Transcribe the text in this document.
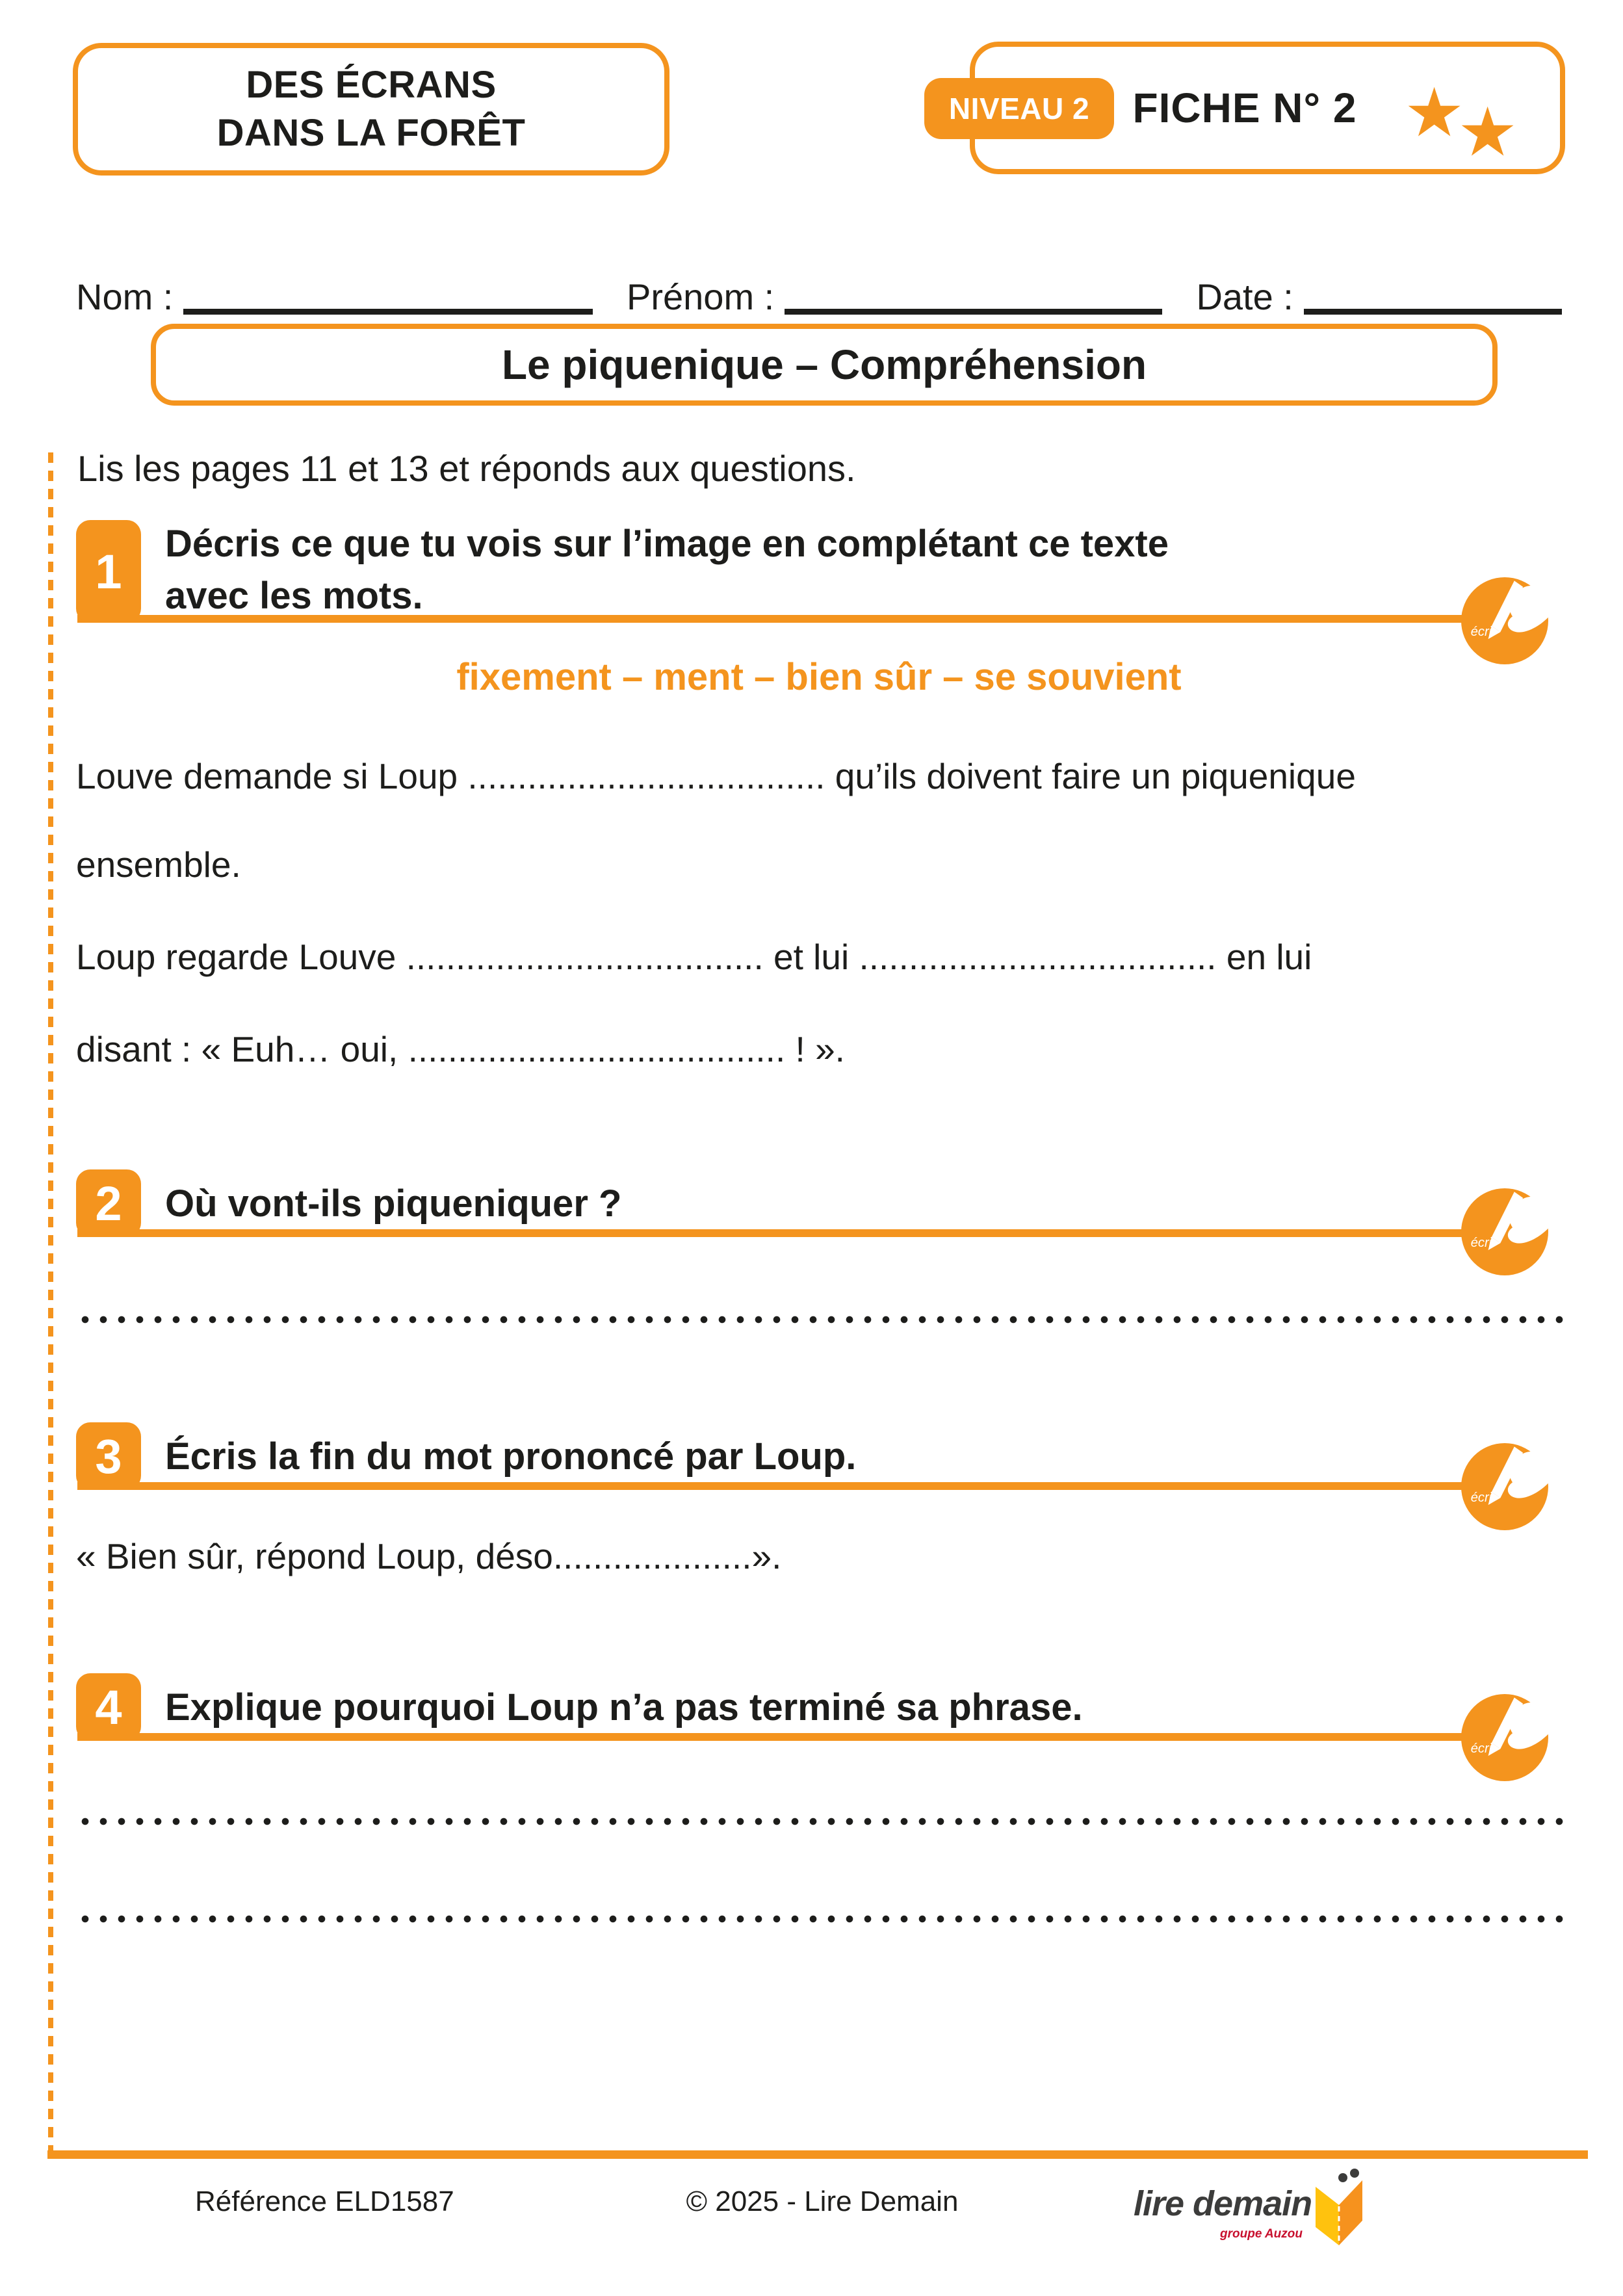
DES ÉCRANS
DANS LA FORÊT
NIVEAU 2	FICHE N° 2 ★
★
Nom :	Prénom :	Date :
Le piquenique – Compréhension
Lis les pages 11 et 13 et réponds aux questions.
1
Décris ce que tu vois sur l’image en complétant ce texte
avec les mots.
écri
fixement – ment – bien sûr – se souvient
Louve demande si Loup .................................... qu’ils doivent faire un piquenique
ensemble.
Loup regarde Louve .................................... et lui .................................... en lui
disant : « Euh… oui, ...................................... ! ».
2	Où vont-ils piqueniquer ?
écri
3	Écris la fin du mot prononcé par Loup.
écri
« Bien sûr, répond Loup, déso....................».
4	Explique pourquoi Loup n’a pas terminé sa phrase.
écri
Référence ELD1587	© 2025 - Lire Demain	lire demain
groupe Auzou
